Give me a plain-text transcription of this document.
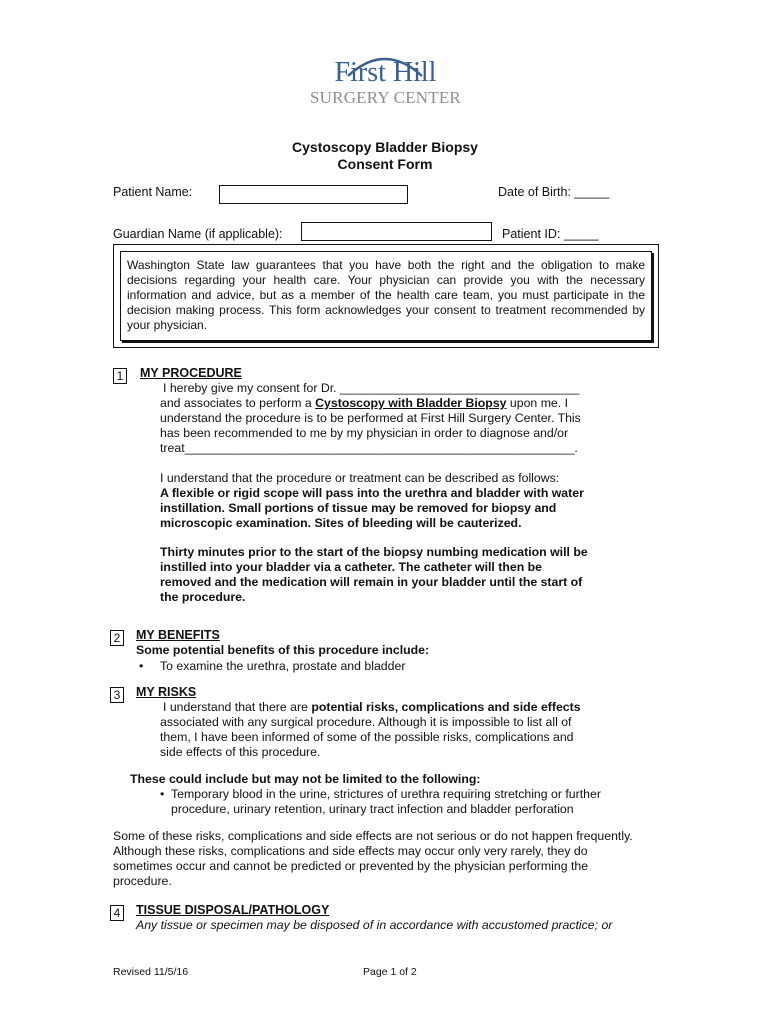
First Hill
SURGERY CENTER
Cystoscopy Bladder Biopsy
Consent Form
Patient Name:	Date of Birth: _____
Guardian Name (if applicable):	Patient ID: _____
Washington State law guarantees that you have both the right and the obligation to make decisions regarding your health care. Your physician can provide you with the necessary information and advice, but as a member of the health care team, you must participate in the decision making process. This form acknowledges your consent to treatment recommended by your physician.
1 MY PROCEDURE
I hereby give my consent for Dr. ___________________________________
and associates to perform a Cystoscopy with Bladder Biopsy upon me. I
understand the procedure is to be performed at First Hill Surgery Center. This
has been recommended to me by my physician in order to diagnose and/or
treat_________________________________________________________.
I understand that the procedure or treatment can be described as follows:
A flexible or rigid scope will pass into the urethra and bladder with water
instillation. Small portions of tissue may be removed for biopsy and
microscopic examination. Sites of bleeding will be cauterized.
Thirty minutes prior to the start of the biopsy numbing medication will be
instilled into your bladder via a catheter. The catheter will then be
removed and the medication will remain in your bladder until the start of
the procedure.
2 MY BENEFITS
Some potential benefits of this procedure include:
• To examine the urethra, prostate and bladder
3 MY RISKS
I understand that there are potential risks, complications and side effects
associated with any surgical procedure. Although it is impossible to list all of
them, I have been informed of some of the possible risks, complications and
side effects of this procedure.
These could include but may not be limited to the following:
• Temporary blood in the urine, strictures of urethra requiring stretching or further
procedure, urinary retention, urinary tract infection and bladder perforation
Some of these risks, complications and side effects are not serious or do not happen frequently.
Although these risks, complications and side effects may occur only very rarely, they do
sometimes occur and cannot be predicted or prevented by the physician performing the
procedure.
4 TISSUE DISPOSAL/PATHOLOGY
Any tissue or specimen may be disposed of in accordance with accustomed practice; or
Revised 11/5/16	Page 1 of 2
